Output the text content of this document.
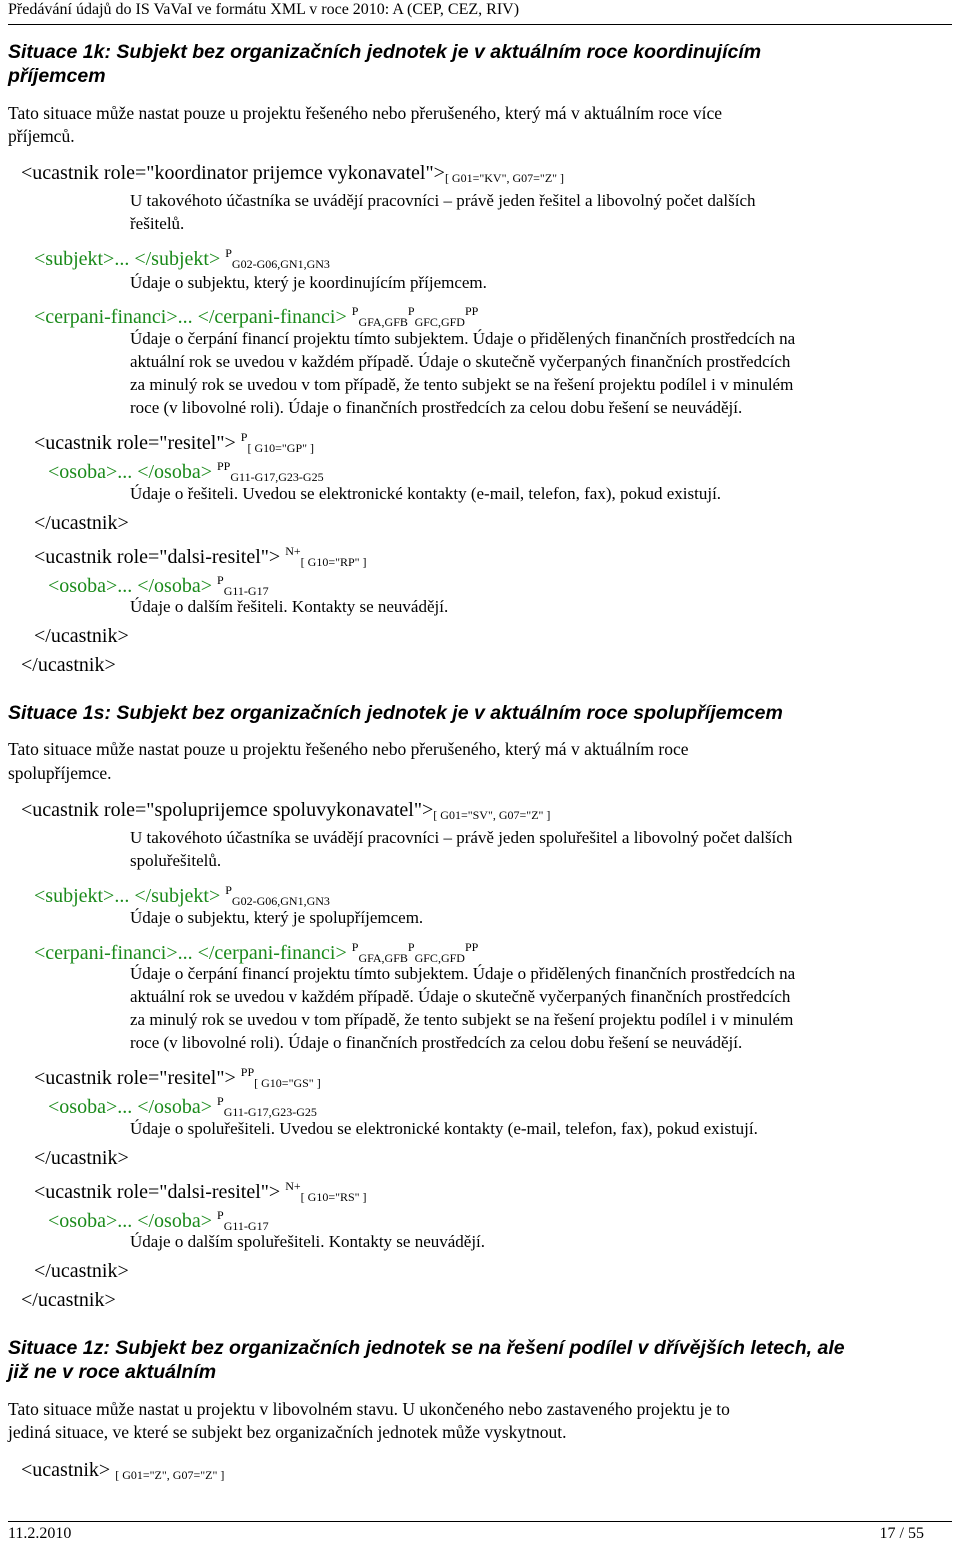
Předávání údajů do IS VaVaI ve formátu XML v roce 2010: A (CEP, CEZ, RIV)
Situace 1k: Subjekt bez organizačních jednotek je v aktuálním roce koordinujícím
příjemcem
Tato situace může nastat pouze u projektu řešeného nebo přerušeného, který má v aktuálním roce více
příjemců.
<ucastnik role="koordinator prijemce vykonavatel">[ G01="KV", G07="Z" ]
U takovéhoto účastníka se uvádějí pracovníci – právě jeden řešitel a libovolný počet dalších
řešitelů.
<subjekt>... </subjekt> $^P$G02-G06,GN1,GN3
Údaje o subjektu, který je koordinujícím příjemcem.
<cerpani-financi>... </cerpani-financi> $^PGFA,GFB^PGFC,GFD^{PP}$
Údaje o čerpání financí projektu tímto subjektem. Údaje o přidělených finančních prostředcích na
aktuální rok se uvedou v každém případě. Údaje o skutečně vyčerpaných finančních prostředcích
za minulý rok se uvedou v tom případě, že tento subjekt se na řešení projektu podílel i v minulém
roce (v libovolné roli). Údaje o finančních prostředcích za celou dobu řešení se neuvádějí.
<ucastnik role="resitel"> $^P$[ G10="GP" ]
<osoba>... </osoba> $^{PP}$G11-G17,G23-G25
Údaje o řešiteli. Uvedou se elektronické kontakty (e-mail, telefon, fax), pokud existují.
</ucastnik>
<ucastnik role="dalsi-resitel"> $^{N+}$[ G10="RP" ]
<osoba>... </osoba> $^P$G11-G17
Údaje o dalším řešiteli. Kontakty se neuvádějí.
</ucastnik>
</ucastnik>
Situace 1s: Subjekt bez organizačních jednotek je v aktuálním roce spolupříjemcem
Tato situace může nastat pouze u projektu řešeného nebo přerušeného, který má v aktuálním roce
spolupříjemce.
<ucastnik role="spoluprijemce spoluvykonavatel">[ G01="SV", G07="Z" ]
U takovéhoto účastníka se uvádějí pracovníci – právě jeden spoluřešitel a libovolný počet dalších
spoluřešitelů.
<subjekt>... </subjekt> $^P$G02-G06,GN1,GN3
Údaje o subjektu, který je spolupříjemcem.
<cerpani-financi>... </cerpani-financi> $^PGFA,GFB^PGFC,GFD^{PP}$
Údaje o čerpání financí projektu tímto subjektem. Údaje o přidělených finančních prostředcích na
aktuální rok se uvedou v každém případě. Údaje o skutečně vyčerpaných finančních prostředcích
za minulý rok se uvedou v tom případě, že tento subjekt se na řešení projektu podílel i v minulém
roce (v libovolné roli). Údaje o finančních prostředcích za celou dobu řešení se neuvádějí.
<ucastnik role="resitel"> $^{PP}$[ G10="GS" ]
<osoba>... </osoba> $^P$G11-G17,G23-G25
Údaje o spoluřešiteli. Uvedou se elektronické kontakty (e-mail, telefon, fax), pokud existují.
</ucastnik>
<ucastnik role="dalsi-resitel"> $^{N+}$[ G10="RS" ]
<osoba>... </osoba> $^P$G11-G17
Údaje o dalším spoluřešiteli. Kontakty se neuvádějí.
</ucastnik>
</ucastnik>
Situace 1z: Subjekt bez organizačních jednotek se na řešení podílel v dřívějších letech, ale
již ne v roce aktuálním
Tato situace může nastat u projektu v libovolném stavu. U ukončeného nebo zastaveného projektu je to
jediná situace, ve které se subjekt bez organizačních jednotek může vyskytnout.
<ucastnik> [ G01="Z", G07="Z" ]
11.2.2010	17 / 55
